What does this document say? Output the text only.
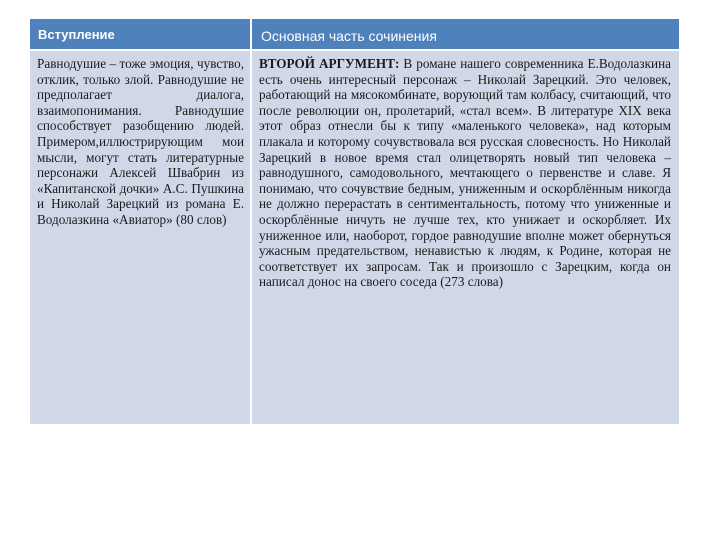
Вступление	Основная часть сочинения
Равнодушие – тоже эмоция, чувство, отклик, только злой. Равнодушие не предполагает диалога, взаимопонимания. Равнодушие способствует разобщению людей. Примером,иллюстрирующим мои мысли, могут стать литературные персонажи Алексей Швабрин из «Капитанской дочки» А.С. Пушкина и Николай Зарецкий из романа Е. Водолазкина «Авиатор» (80 слов)
ВТОРОЙ АРГУМЕНТ: В романе нашего современника Е.Водолазкина есть очень интересный персонаж – Николай Зарецкий. Это человек, работающий на мясокомбинате, ворующий там колбасу, считающий, что после революции он, пролетарий, «стал всем». В литературе XIX века этот образ отнесли бы к типу «маленького человека», над которым плакала и которому сочувствовала вся русская словесность. Но Николай Зарецкий в новое время стал олицетворять новый тип человека – равнодушного, самодовольного, мечтающего о первенстве и славе. Я понимаю, что сочувствие бедным, униженным и оскорблённым никогда не должно перерастать в сентиментальность, потому что униженные и оскорблённые ничуть не лучше тех, кто унижает и оскорбляет. Их униженное или, наоборот, гордое равнодушие вполне может обернуться ужасным предательством, ненавистью к людям, к Родине, которая не соответствует их запросам. Так и произошло с Зарецким, когда он написал донос на своего соседа (273 слова)
